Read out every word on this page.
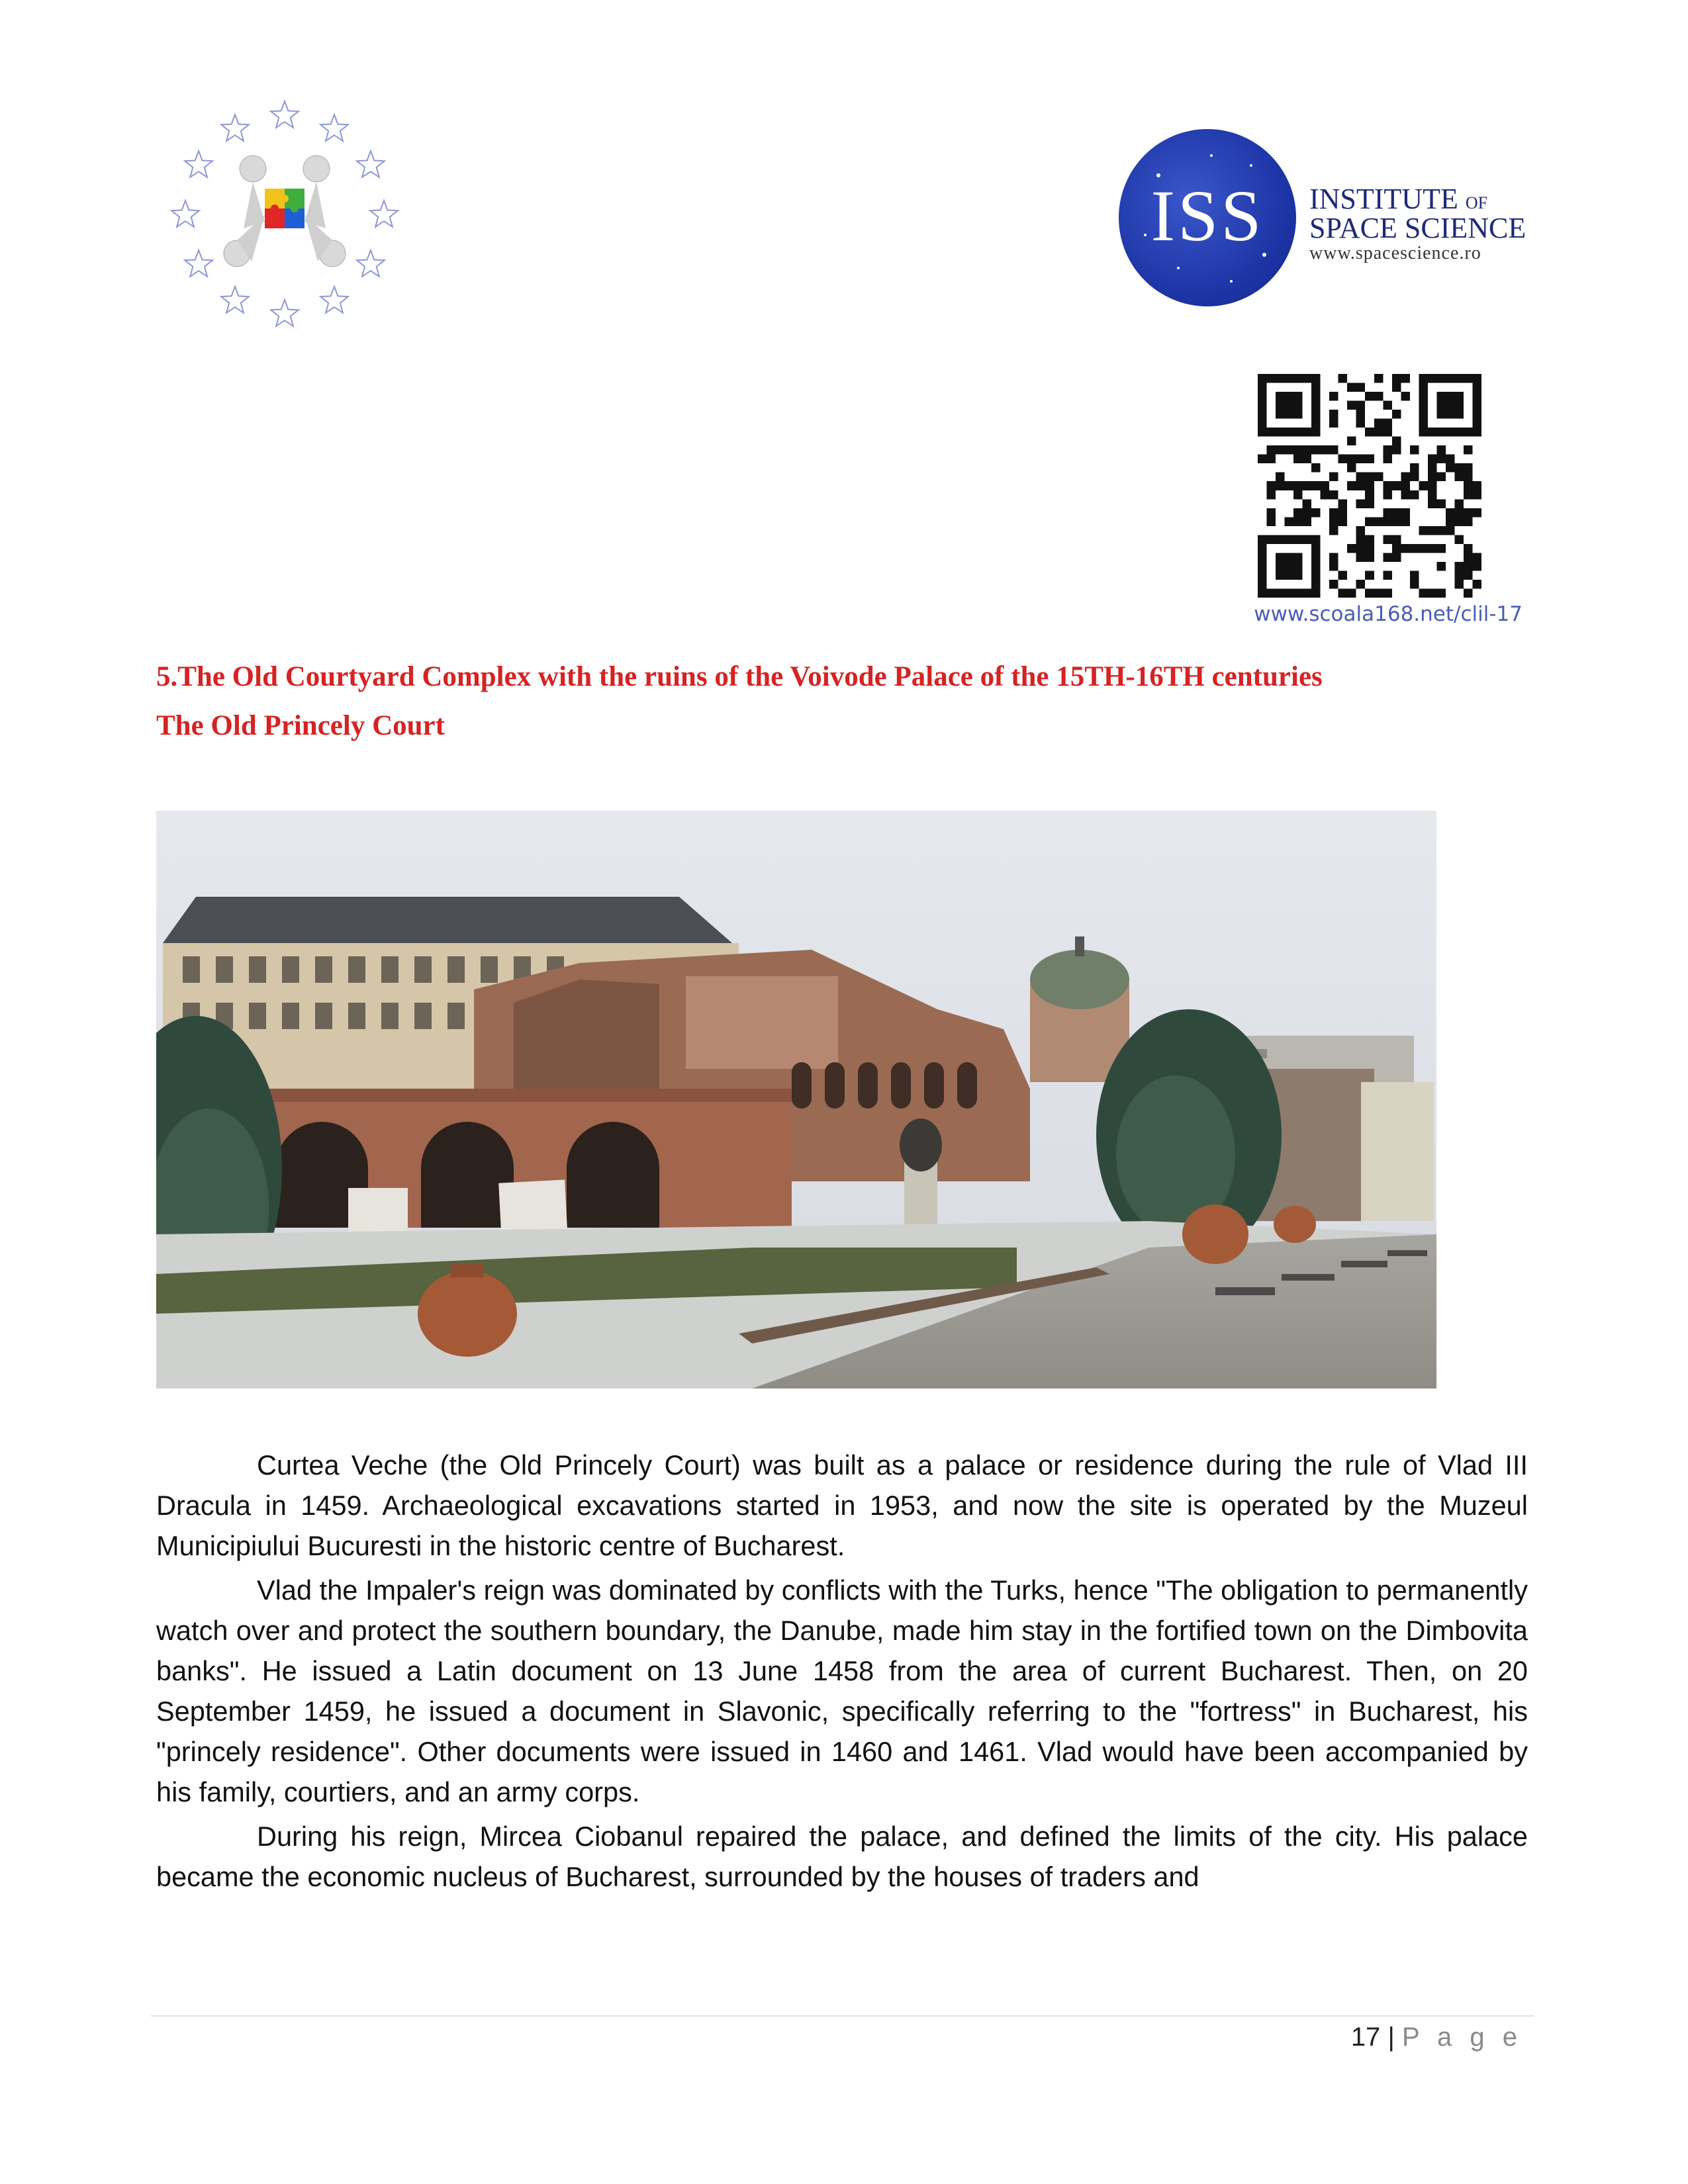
ISS	INSTITUTE OF
SPACE SCIENCE
www.spacescience.ro
www.scoala168.net/clil-17
5.The Old Courtyard Complex with the ruins of the Voivode Palace of the 15TH-16TH centuries
The Old Princely Court

Curtea Veche (the Old Princely Court) was built as a palace or residence during the rule of Vlad III Dracula in 1459. Archaeological excavations started in 1953, and now the site is operated by the Muzeul Municipiului Bucuresti in the historic centre of Bucharest.

Vlad the Impaler's reign was dominated by conflicts with the Turks, hence "The obligation to permanently watch over and protect the southern boundary, the Danube, made him stay in the fortified town on the Dimbovita banks". He issued a Latin document on 13 June 1458 from the area of current Bucharest. Then, on 20 September 1459, he issued a document in Slavonic, specifically referring to the "fortress" in Bucharest, his "princely residence". Other documents were issued in 1460 and 1461. Vlad would have been accompanied by his family, courtiers, and an army corps.

During his reign, Mircea Ciobanul repaired the palace, and defined the limits of the city. His palace became the economic nucleus of Bucharest, surrounded by the houses of traders and

17 | P a g e
